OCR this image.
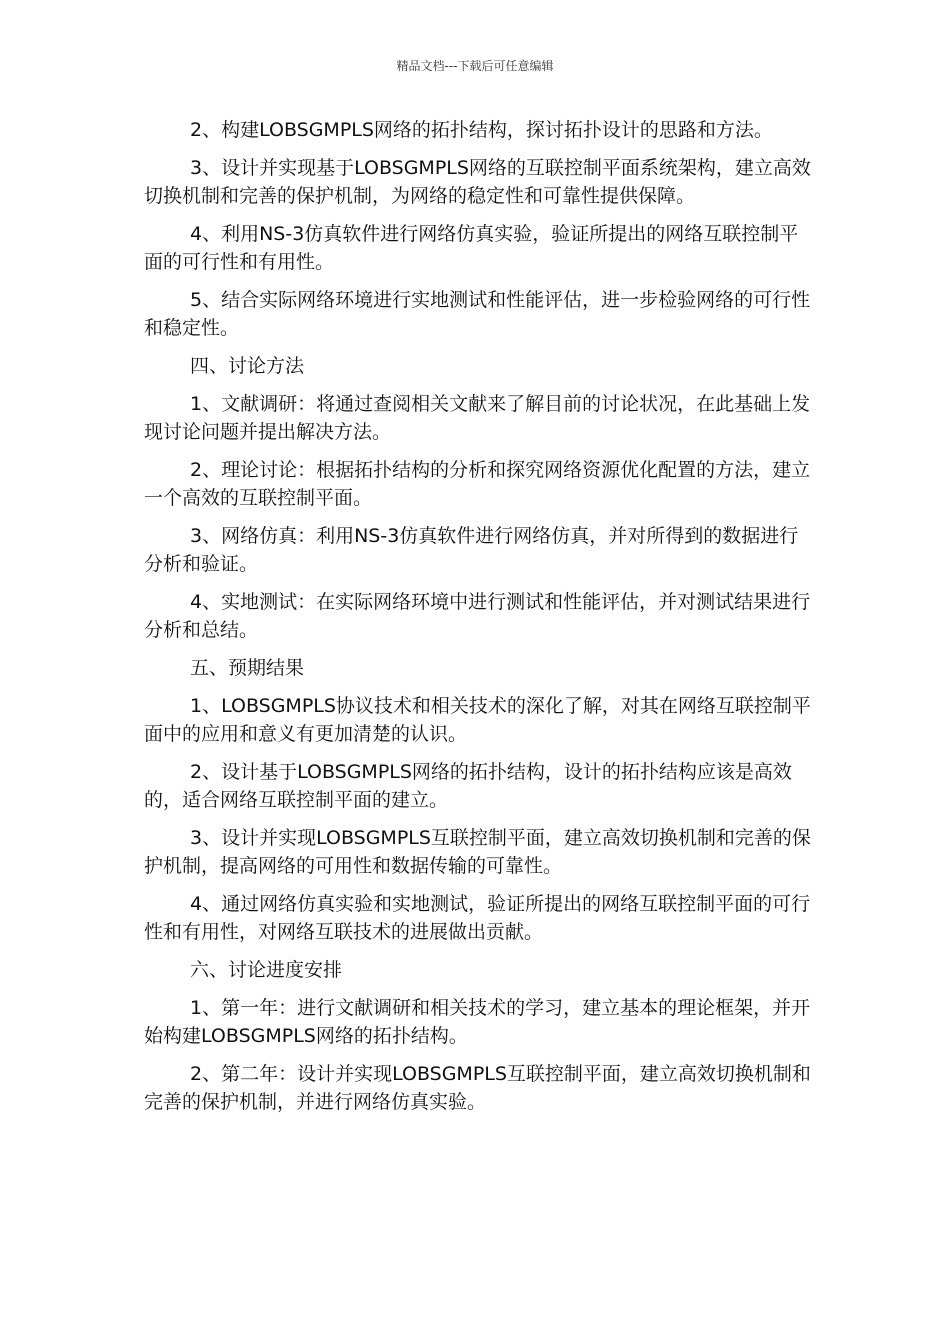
精品文档---下载后可任意编辑

2、构建LOBSGMPLS网络的拓扑结构，探讨拓扑设计的思路和方法。

3、设计并实现基于LOBSGMPLS网络的互联控制平面系统架构，建立高效切换机制和完善的保护机制，为网络的稳定性和可靠性提供保障。

4、利用NS-3仿真软件进行网络仿真实验，验证所提出的网络互联控制平面的可行性和有用性。

5、结合实际网络环境进行实地测试和性能评估，进一步检验网络的可行性和稳定性。

四、讨论方法

1、文献调研：将通过查阅相关文献来了解目前的讨论状况，在此基础上发现讨论问题并提出解决方法。

2、理论讨论：根据拓扑结构的分析和探究网络资源优化配置的方法，建立一个高效的互联控制平面。

3、网络仿真：利用NS-3仿真软件进行网络仿真，并对所得到的数据进行分析和验证。

4、实地测试：在实际网络环境中进行测试和性能评估，并对测试结果进行分析和总结。

五、预期结果

1、LOBSGMPLS协议技术和相关技术的深化了解，对其在网络互联控制平面中的应用和意义有更加清楚的认识。

2、设计基于LOBSGMPLS网络的拓扑结构，设计的拓扑结构应该是高效的，适合网络互联控制平面的建立。

3、设计并实现LOBSGMPLS互联控制平面，建立高效切换机制和完善的保护机制，提高网络的可用性和数据传输的可靠性。

4、通过网络仿真实验和实地测试，验证所提出的网络互联控制平面的可行性和有用性，对网络互联技术的进展做出贡献。

六、讨论进度安排

1、第一年：进行文献调研和相关技术的学习，建立基本的理论框架，并开始构建LOBSGMPLS网络的拓扑结构。

2、第二年：设计并实现LOBSGMPLS互联控制平面，建立高效切换机制和完善的保护机制，并进行网络仿真实验。
